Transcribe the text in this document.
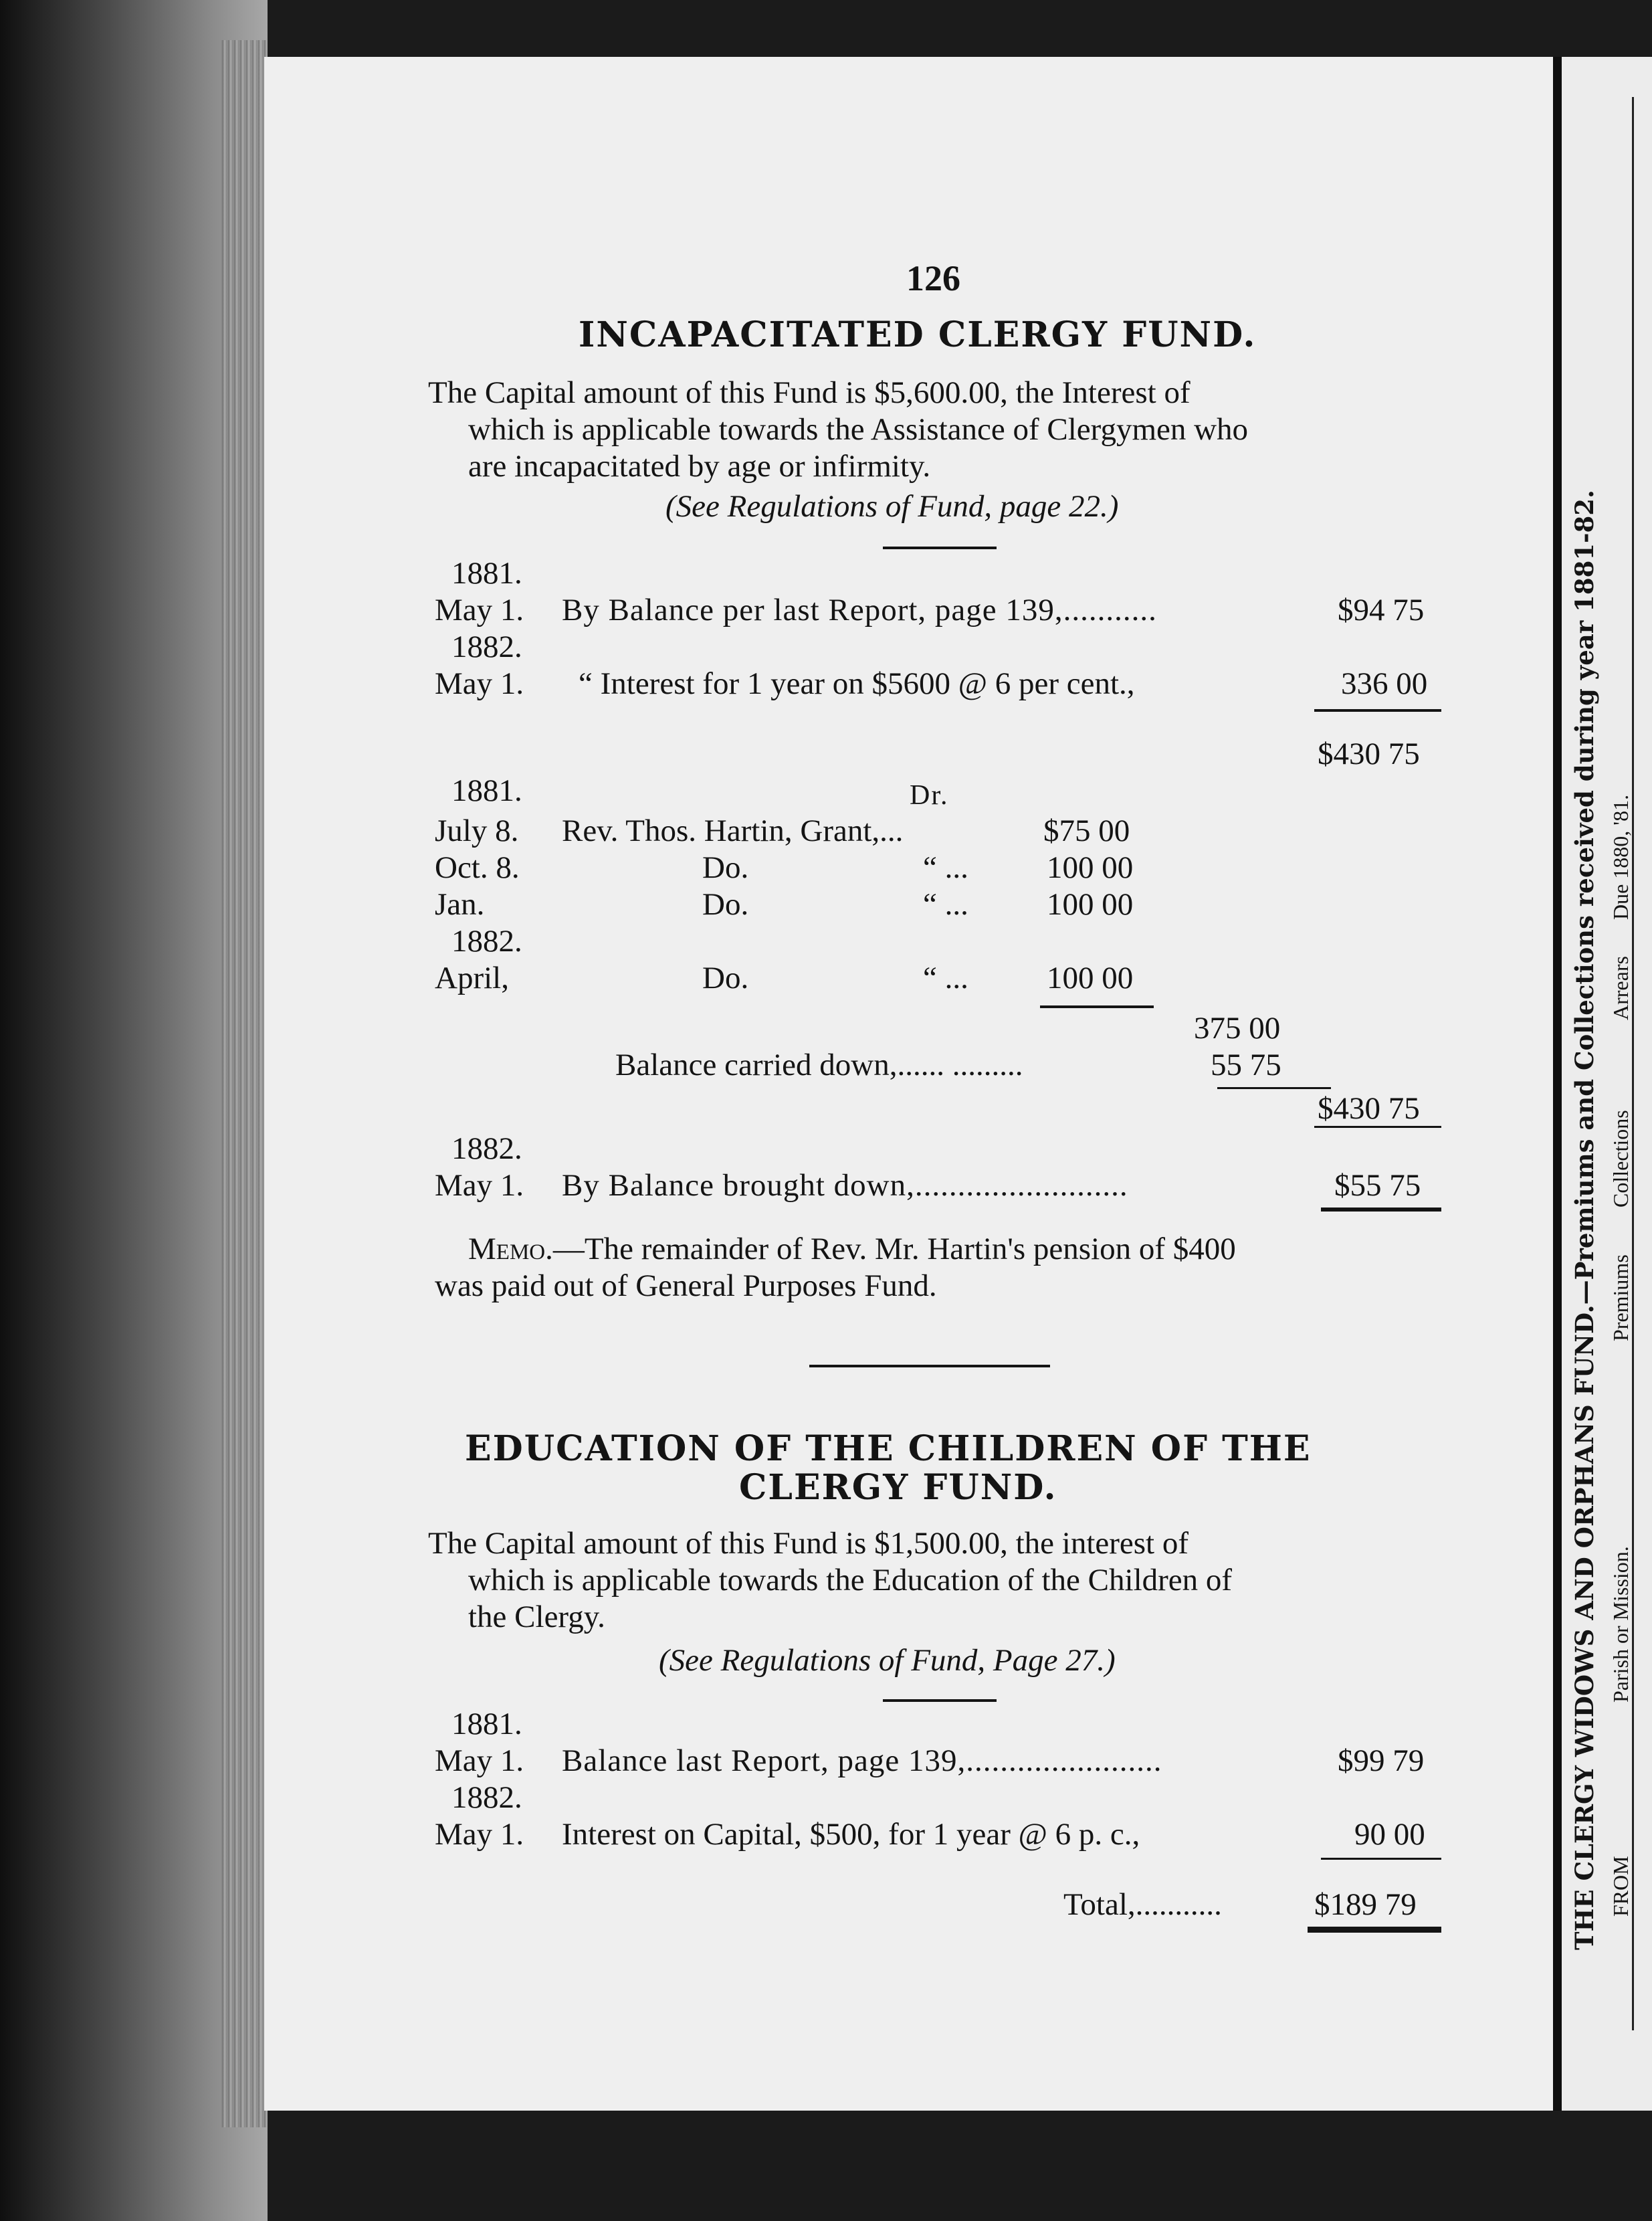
126
INCAPACITATED CLERGY FUND.
The Capital amount of this Fund is $5,600.00, the Interest of
which is applicable towards the Assistance of Clergymen who
are incapacitated by age or infirmity.
(See Regulations of Fund, page 22.)
1881.
May 1. By Balance per last Report, page 139,...........	$94 75
1882.
May 1. “ Interest for 1 year on $5600 @ 6 per cent.,	336 00
$430 75
1881.	Dr.
July 8. Rev. Thos. Hartin, Grant,...	$75 00
Oct. 8.	Do.	“ ... 100 00
Jan.	Do.	“ ... 100 00
1882.
April,	Do.	“ ... 100 00
375 00
Balance carried down,...... .........	55 75
$430 75
1882.
May 1. By Balance brought down,.........................	$55 75
Memo.—The remainder of Rev. Mr. Hartin's pension of $400
was paid out of General Purposes Fund.
EDUCATION OF THE CHILDREN OF THE
CLERGY FUND.
The Capital amount of this Fund is $1,500.00, the interest of
which is applicable towards the Education of the Children of
the Clergy.
(See Regulations of Fund, Page 27.)
1881.
May 1. Balance last Report, page 139,.......................	$99 79
1882.
May 1. Interest on Capital, $500, for 1 year @ 6 p. c.,	90 00
Total,...........	$189 79	THE CLERGY WIDOWS AND ORPHANS FUND.—Premiums and Collections received during year 1881-82. FROM
Parish or Mission.
Premiums
Collections
Arrears
Due 1880, '81.
